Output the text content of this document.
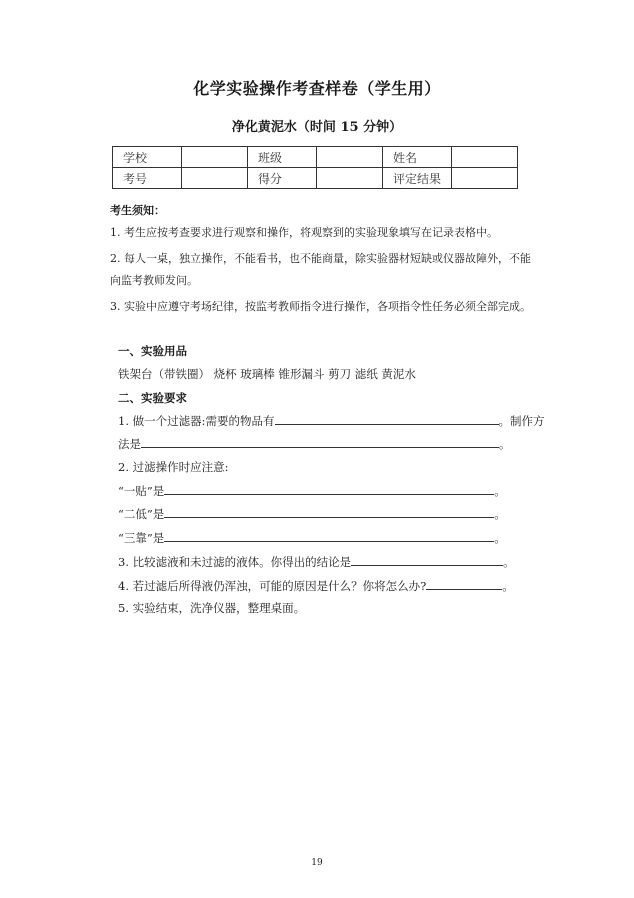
化学实验操作考查样卷（学生用）
净化黄泥水（时间 15 分钟）
学校		班级		姓名	
考号		得分		评定结果	
考生须知：
1. 考生应按考查要求进行观察和操作，将观察到的实验现象填写在记录表格中。
2. 每人一桌，独立操作，不能看书，也不能商量，除实验器材短缺或仪器故障外，不能
向监考教师发问。
3. 实验中应遵守考场纪律，按监考教师指令进行操作，各项指令性任务必须全部完成。
一、实验用品
铁架台（带铁圈） 烧杯 玻璃棒 锥形漏斗 剪刀 滤纸 黄泥水
二、实验要求
1. 做一个过滤器:需要的物品有	。制作方
法是	。
2. 过滤操作时应注意:
“一贴”是	。
“二低”是	。
“三靠”是	。
3. 比较滤液和未过滤的液体。你得出的结论是	。
4. 若过滤后所得液仍浑浊，可能的原因是什么？你将怎么办?	。
5. 实验结束，洗净仪器，整理桌面。
19
